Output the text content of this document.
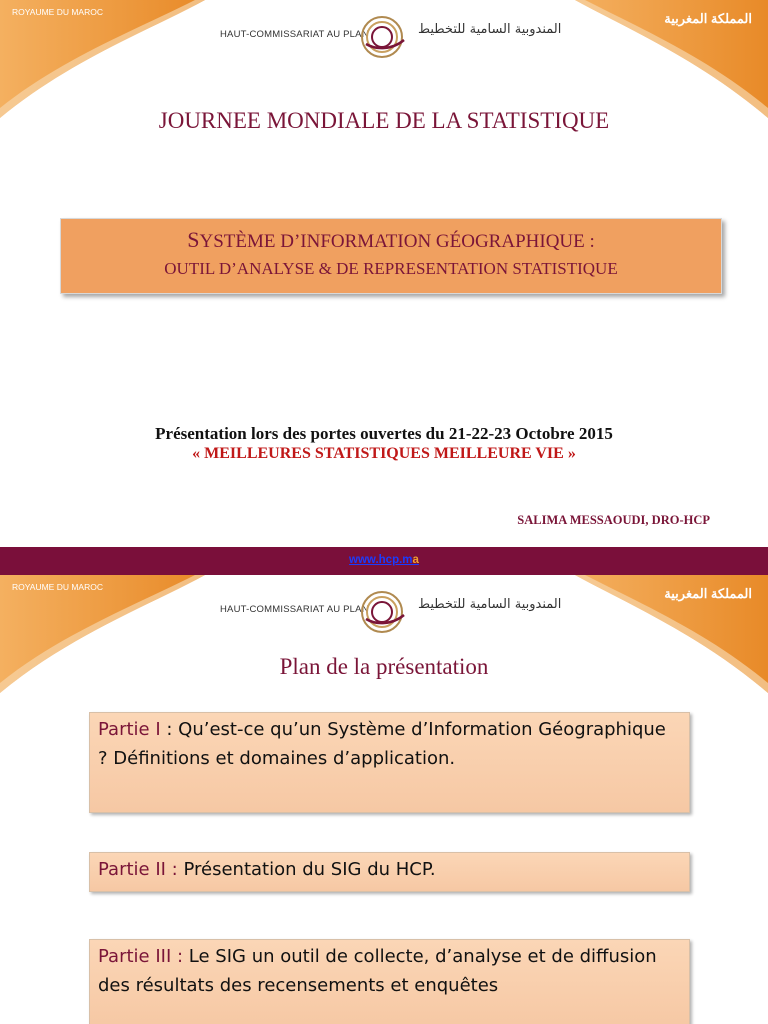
ROYAUME DU MAROC	المملكة المغربية
HAUT-COMMISSARIAT AU PLAN	المندوبية السامية للتخطيط
JOURNEE MONDIALE DE LA STATISTIQUE
SYSTÈME D’INFORMATION GÉOGRAPHIQUE :
OUTIL D’ANALYSE & DE REPRESENTATION STATISTIQUE
Présentation lors des portes ouvertes du 21-22-23 Octobre 2015
« MEILLEURES STATISTIQUES MEILLEURE VIE »
SALIMA MESSAOUDI, DRO-HCP
www.hcp.ma
ROYAUME DU MAROC	المملكة المغربية
HAUT-COMMISSARIAT AU PLAN	المندوبية السامية للتخطيط
Plan de la présentation
Partie I : Qu’est-ce qu’un Système d’Information Géographique ? Définitions et domaines d’application.
Partie II : Présentation du SIG du HCP.
Partie III : Le SIG un outil de collecte, d’analyse et de diffusion des résultats des recensements et enquêtes
